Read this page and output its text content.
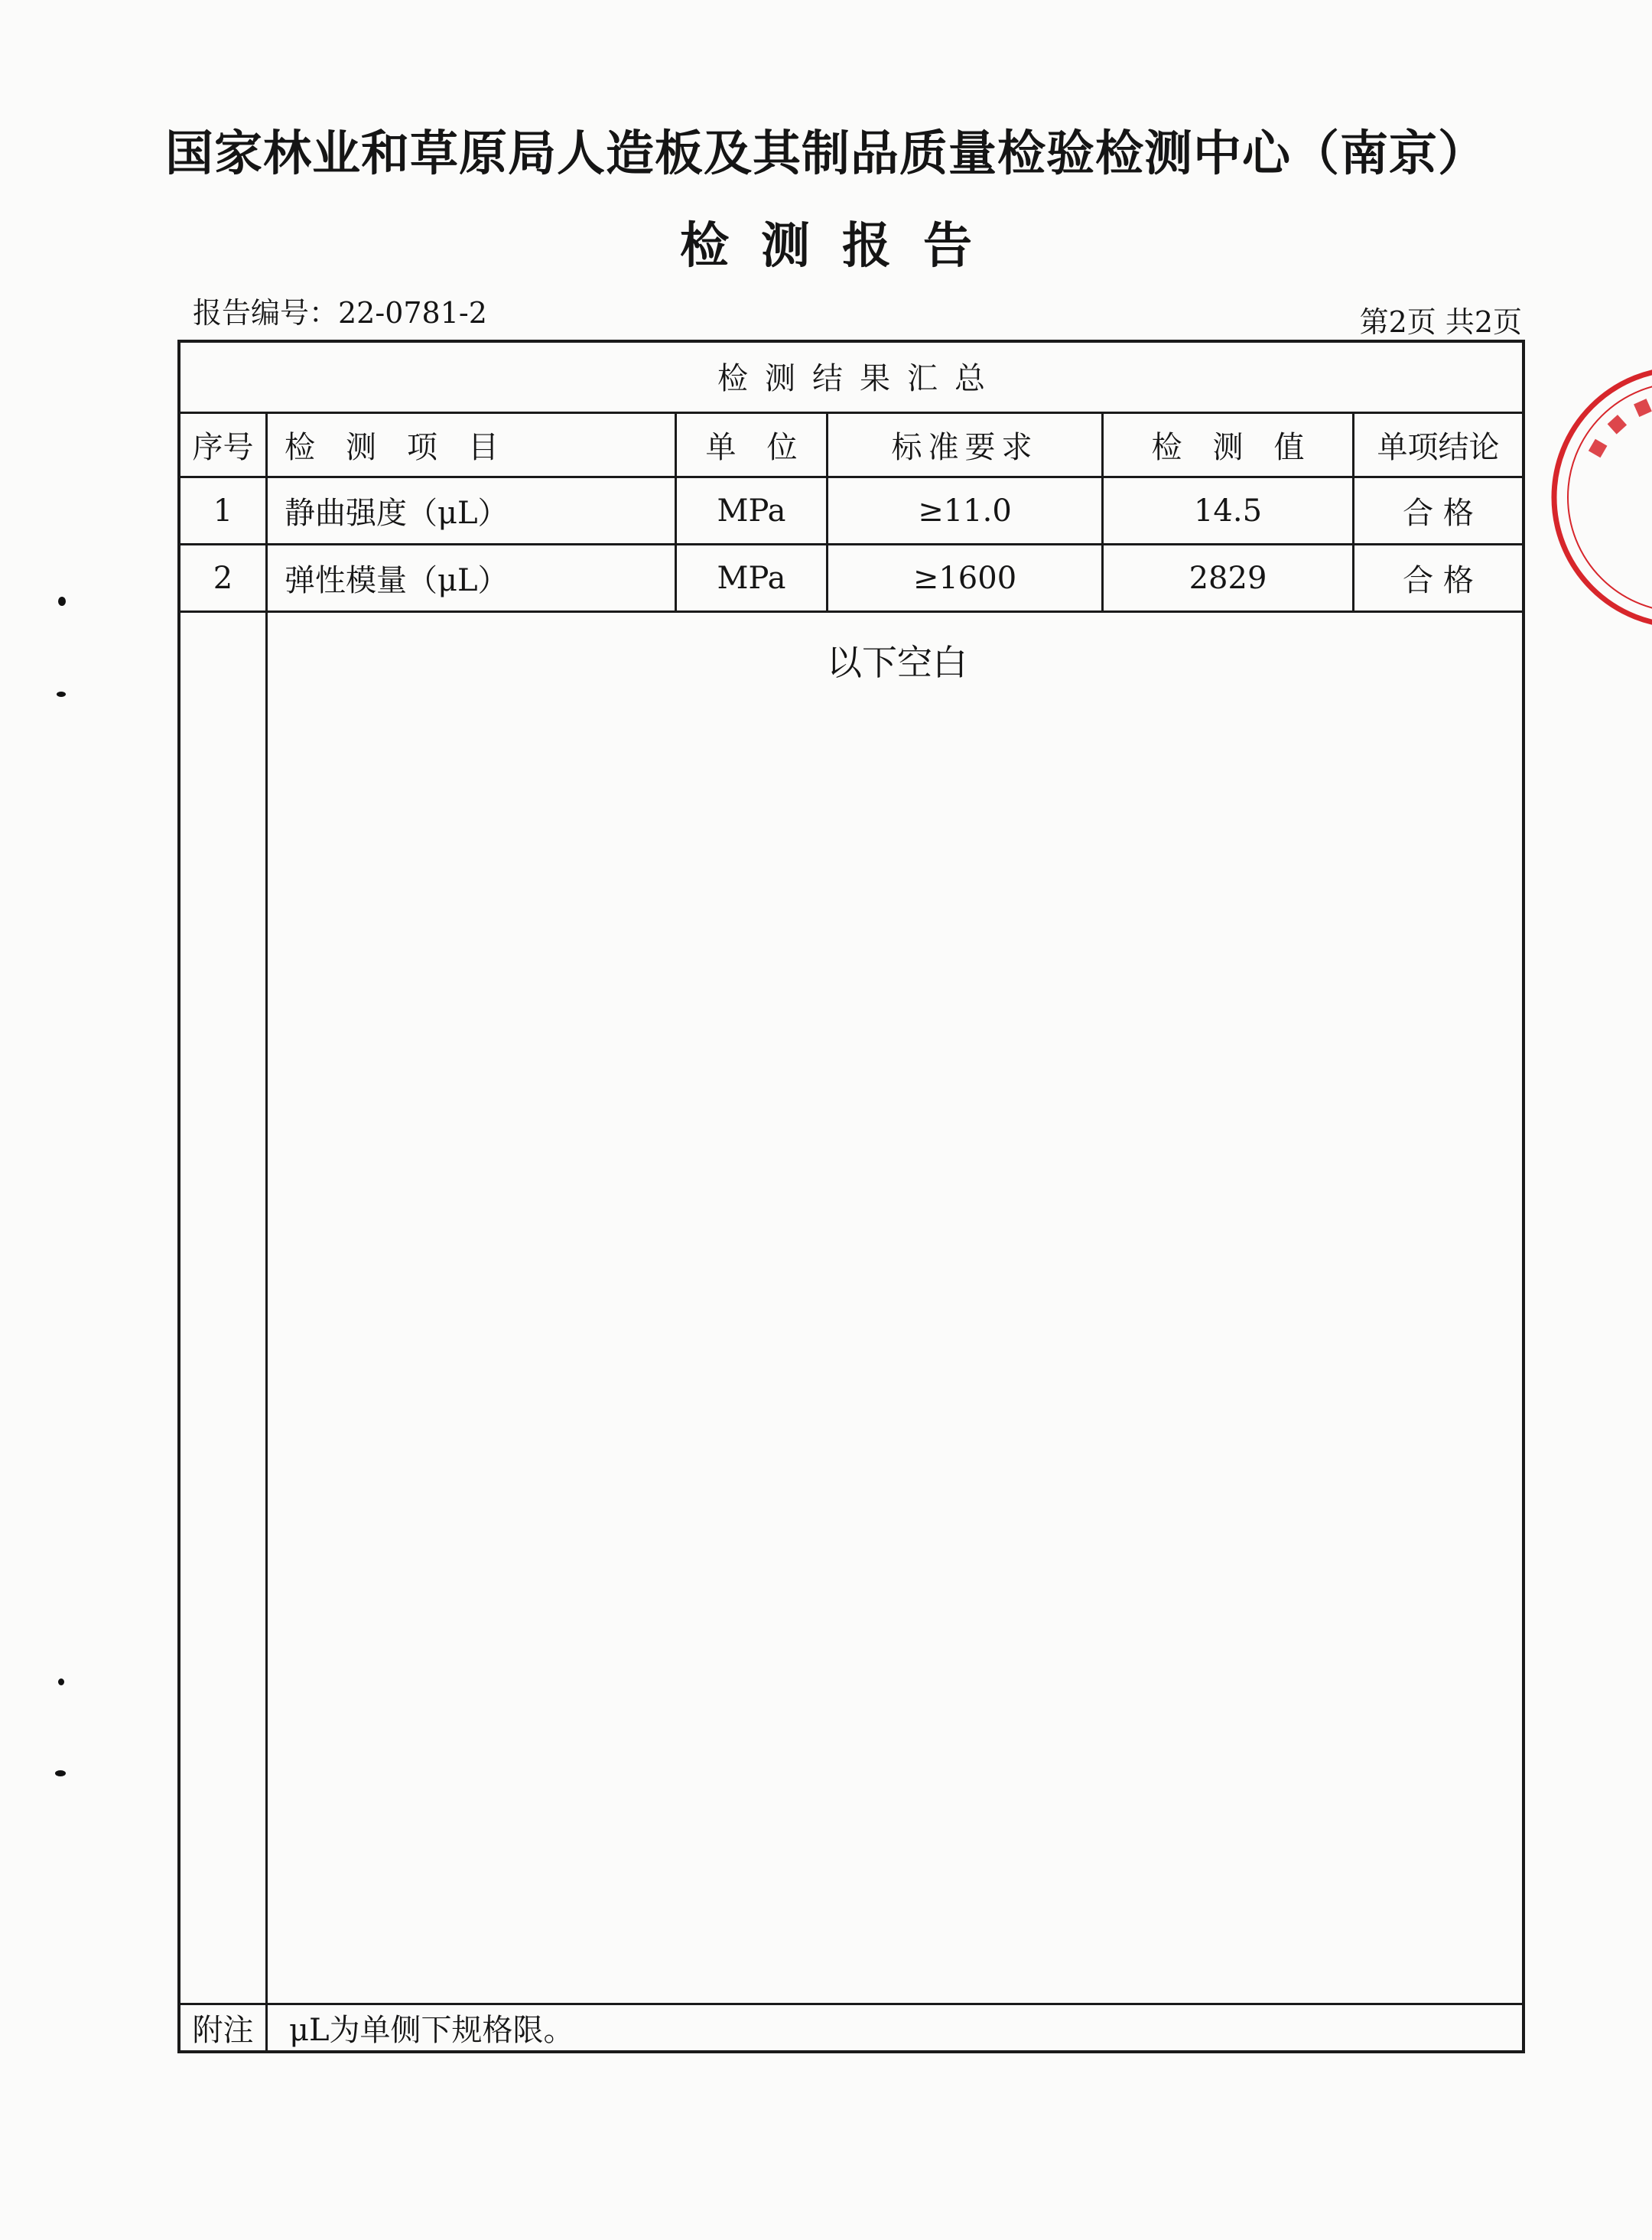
国家林业和草原局人造板及其制品质量检验检测中心（南京）
检测报告
报告编号：22-0781-2	第2页 共2页
检测结果汇总
序号	检　测　项　目	单　位	标准要求	检　测　值	单项结论
1	静曲强度（μL）	MPa	≥11.0	14.5	合 格
2	弹性模量（μL）	MPa	≥1600	2829	合 格
以下空白
附注	μL为单侧下规格限。
